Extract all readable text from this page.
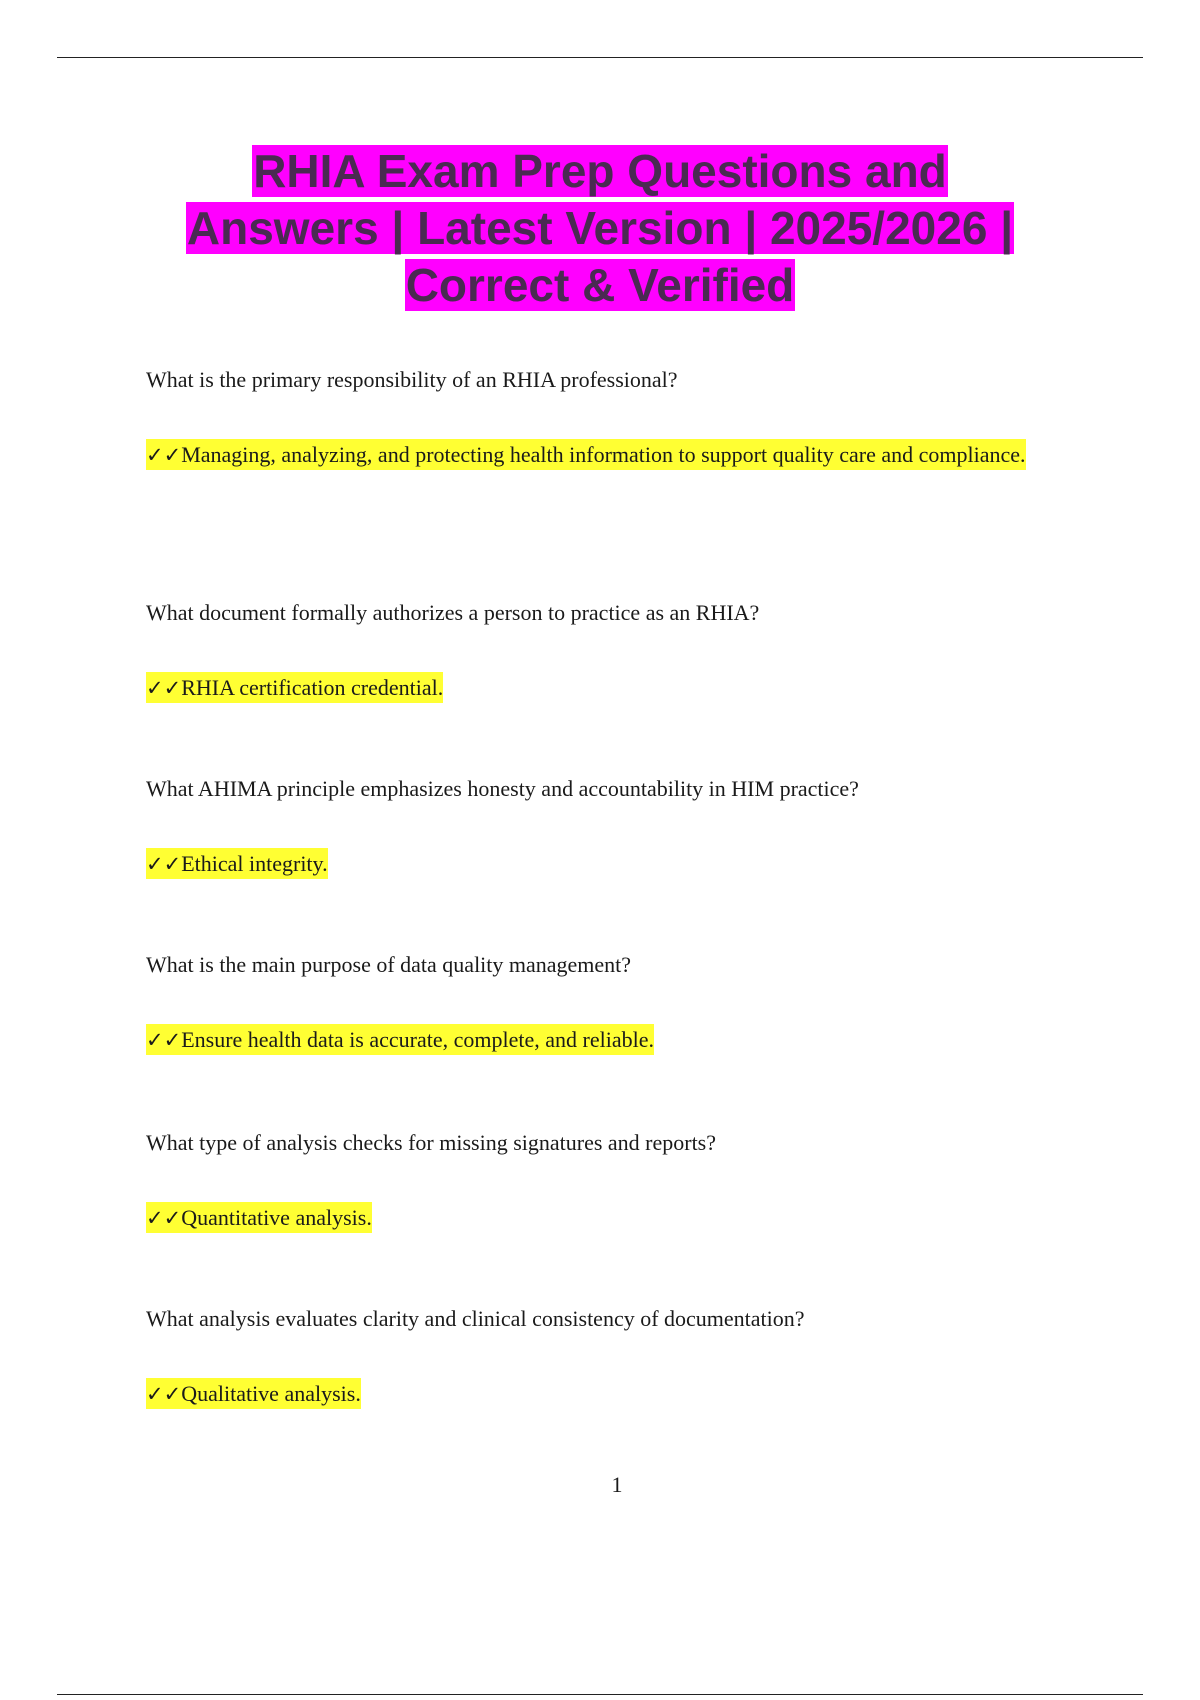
RHIA Exam Prep Questions and
Answers | Latest Version | 2025/2026 |
Correct & Verified
What is the primary responsibility of an RHIA professional?
✓✓Managing, analyzing, and protecting health information to support quality care and compliance.
What document formally authorizes a person to practice as an RHIA?
✓✓RHIA certification credential.
What AHIMA principle emphasizes honesty and accountability in HIM practice?
✓✓Ethical integrity.
What is the main purpose of data quality management?
✓✓Ensure health data is accurate, complete, and reliable.
What type of analysis checks for missing signatures and reports?
✓✓Quantitative analysis.
What analysis evaluates clarity and clinical consistency of documentation?
✓✓Qualitative analysis.
1
